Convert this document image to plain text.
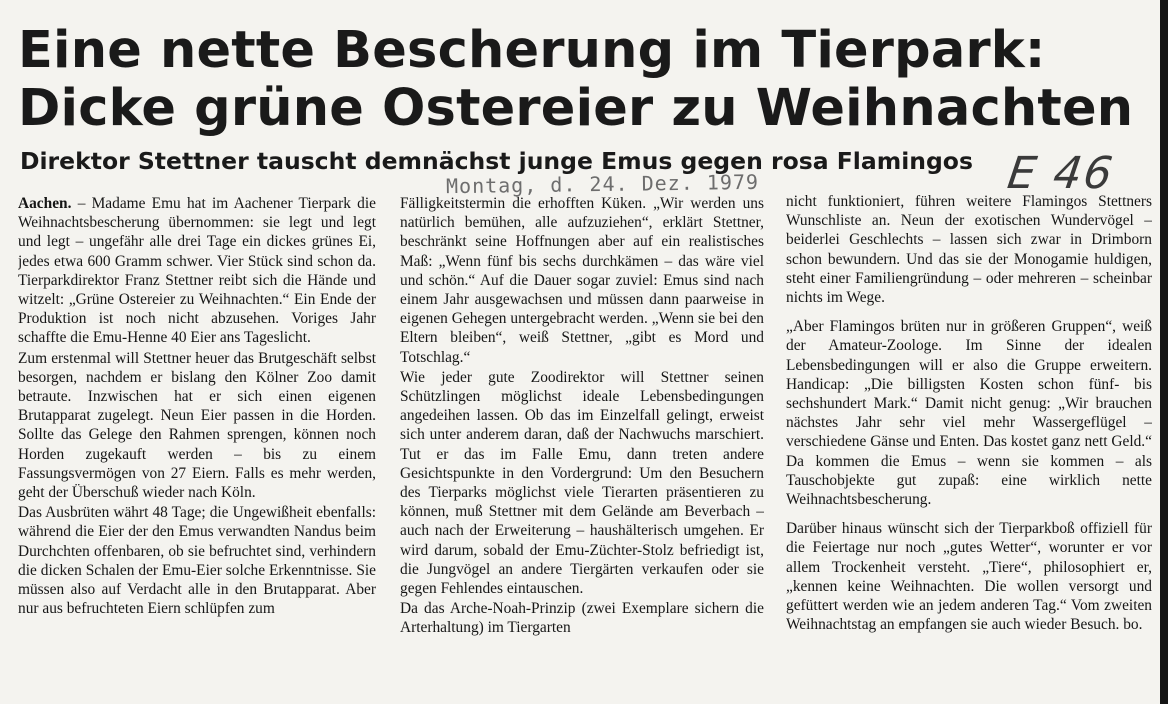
Eine nette Bescherung im Tierpark:
Dicke grüne Ostereier zu Weihnachten
Direktor Stettner tauscht demnächst junge Emus gegen rosa Flamingos
Montag, d. 24. Dez. 1979	E 46

Aachen. – Madame Emu hat im Aachener Tierpark die Weihnachtsbescherung übernommen: sie legt und legt und legt – ungefähr alle drei Tage ein dickes grünes Ei, jedes etwa 600 Gramm schwer. Vier Stück sind schon da. Tierparkdirektor Franz Stettner reibt sich die Hände und witzelt: „Grüne Ostereier zu Weihnachten.“ Ein Ende der Produktion ist noch nicht abzusehen. Voriges Jahr schaffte die Emu-Henne 40 Eier ans Tageslicht.

Zum erstenmal will Stettner heuer das Brutgeschäft selbst besorgen, nachdem er bislang den Kölner Zoo damit betraute. Inzwischen hat er sich einen eigenen Brutapparat zugelegt. Neun Eier passen in die Horden. Sollte das Gelege den Rahmen sprengen, können noch Horden zugekauft werden – bis zu einem Fassungsvermögen von 27 Eiern. Falls es mehr werden, geht der Überschuß wieder nach Köln.

Das Ausbrüten währt 48 Tage; die Ungewißheit ebenfalls: während die Eier der den Emus verwandten Nandus beim Durchchten offenbaren, ob sie befruchtet sind, verhindern die dicken Schalen der Emu-Eier solche Erkenntnisse. Sie müssen also auf Verdacht alle in den Brutapparat. Aber nur aus befruchteten Eiern schlüpfen zum

Fälligkeitstermin die erhofften Küken. „Wir werden uns natürlich bemühen, alle aufzuziehen“, erklärt Stettner, beschränkt seine Hoffnungen aber auf ein realistisches Maß: „Wenn fünf bis sechs durchkämen – das wäre viel und schön.“ Auf die Dauer sogar zuviel: Emus sind nach einem Jahr ausgewachsen und müssen dann paarweise in eigenen Gehegen untergebracht werden. „Wenn sie bei den Eltern bleiben“, weiß Stettner, „gibt es Mord und Totschlag.“

Wie jeder gute Zoodirektor will Stettner seinen Schützlingen möglichst ideale Lebensbedingungen angedeihen lassen. Ob das im Einzelfall gelingt, erweist sich unter anderem daran, daß der Nachwuchs marschiert. Tut er das im Falle Emu, dann treten andere Gesichtspunkte in den Vordergrund: Um den Besuchern des Tierparks möglichst viele Tierarten präsentieren zu können, muß Stettner mit dem Gelände am Beverbach – auch nach der Erweiterung – haushälterisch umgehen. Er wird darum, sobald der Emu-Züchter-Stolz befriedigt ist, die Jungvögel an andere Tiergärten verkaufen oder sie gegen Fehlendes eintauschen.

Da das Arche-Noah-Prinzip (zwei Exemplare sichern die Arterhaltung) im Tiergarten

nicht funktioniert, führen weitere Flamingos Stettners Wunschliste an. Neun der exotischen Wundervögel – beiderlei Geschlechts – lassen sich zwar in Drimborn schon bewundern. Und das sie der Monogamie huldigen, steht einer Familiengründung – oder mehreren – scheinbar nichts im Wege.

„Aber Flamingos brüten nur in größeren Gruppen“, weiß der Amateur-Zoologe. Im Sinne der idealen Lebensbedingungen will er also die Gruppe erweitern. Handicap: „Die billigsten Kosten schon fünf- bis sechshundert Mark.“ Damit nicht genug: „Wir brauchen nächstes Jahr sehr viel mehr Wassergeflügel – verschiedene Gänse und Enten. Das kostet ganz nett Geld.“ Da kommen die Emus – wenn sie kommen – als Tauschobjekte gut zupaß: eine wirklich nette Weihnachtsbescherung.

Darüber hinaus wünscht sich der Tierparkboß offiziell für die Feiertage nur noch „gutes Wetter“, worunter er vor allem Trockenheit versteht. „Tiere“, philosophiert er, „kennen keine Weihnachten. Die wollen versorgt und gefüttert werden wie an jedem anderen Tag.“ Vom zweiten Weihnachtstag an empfangen sie auch wieder Besuch. bo.
